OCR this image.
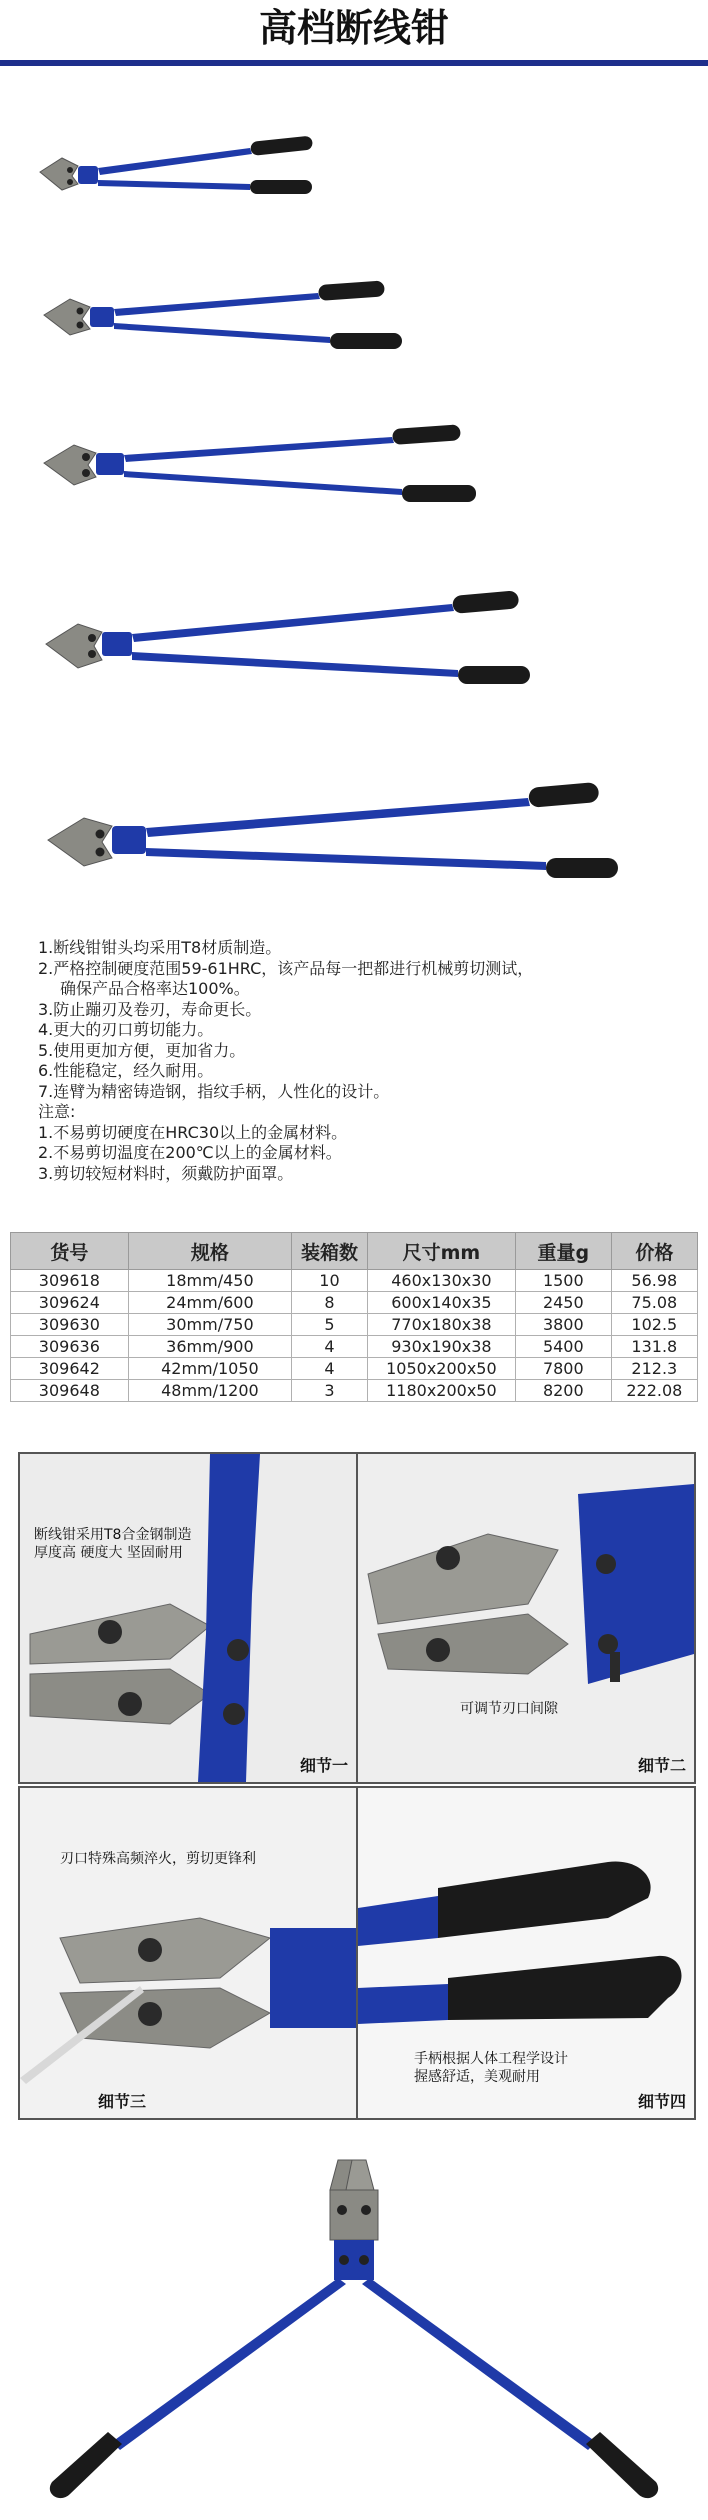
高档断线钳
1.断线钳钳头均采用T8材质制造。
2.严格控制硬度范围59-61HRC，该产品每一把都进行机械剪切测试，
确保产品合格率达100%。
3.防止蹦刃及卷刃，寿命更长。
4.更大的刃口剪切能力。
5.使用更加方便，更加省力。
6.性能稳定，经久耐用。
7.连臂为精密铸造钢，指纹手柄，人性化的设计。
注意:
1.不易剪切硬度在HRC30以上的金属材料。
2.不易剪切温度在200℃以上的金属材料。
3.剪切较短材料时，须戴防护面罩。
货号	规格	装箱数	尺寸mm	重量g	价格
309618	18mm/450	10	460x130x30	1500	56.98
309624	24mm/600	8	600x140x35	2450	75.08
309630	30mm/750	5	770x180x38	3800	102.5
309636	36mm/900	4	930x190x38	5400	131.8
309642	42mm/1050	4	1050x200x50	7800	212.3
309648	48mm/1200	3	1180x200x50	8200	222.08
断线钳采用T8合金钢制造
厚度高 硬度大 坚固耐用
细节一
可调节刃口间隙
细节二
刃口特殊高频淬火，剪切更锋利
细节三
手柄根据人体工程学设计
握感舒适，美观耐用
细节四
